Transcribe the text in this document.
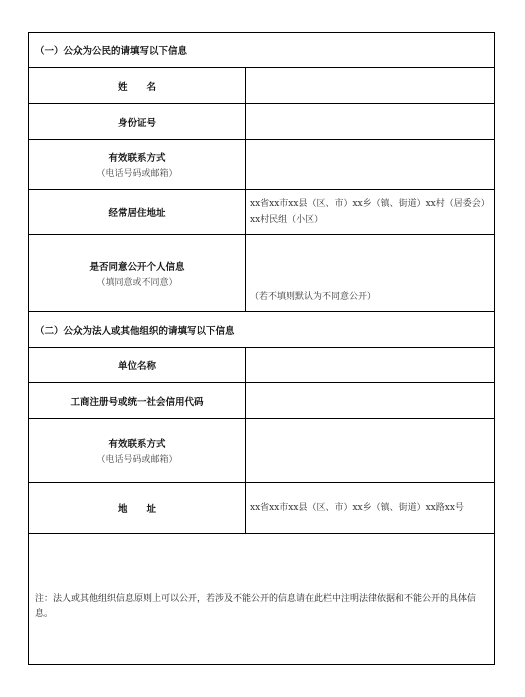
（一）公众为公民的请填写以下信息
姓　　名
身份证号
有效联系方式
（电话号码或邮箱）
经常居住地址
xx省xx市xx县（区、市）xx乡（镇、街道）xx村（居委会）xx村民组（小区）
是否同意公开个人信息
（填同意或不同意）
（若不填则默认为不同意公开）
（二）公众为法人或其他组织的请填写以下信息
单位名称
工商注册号或统一社会信用代码
有效联系方式
（电话号码或邮箱）
地　　址	xx省xx市xx县（区、市）xx乡（镇、街道）xx路xx号
注：法人或其他组织信息原则上可以公开，若涉及不能公开的信息请在此栏中注明法律依据和不能公开的具体信息。
